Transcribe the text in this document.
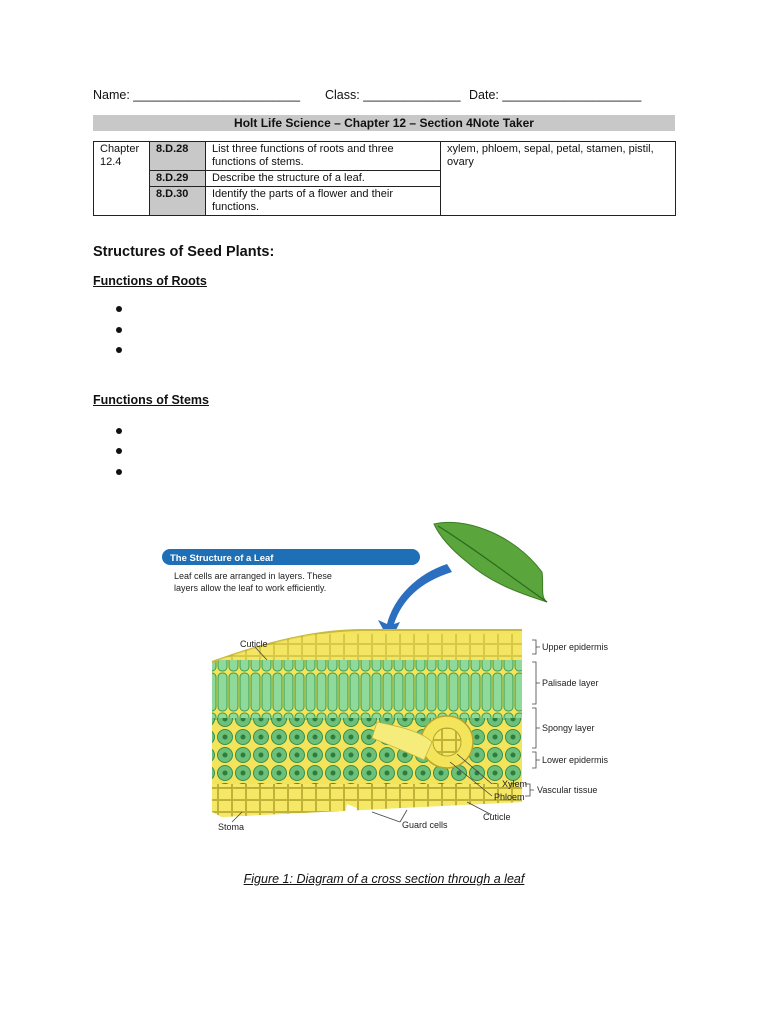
Name: ________________________ Class: ______________ Date: ____________________
Holt Life Science – Chapter 12 – Section 4Note Taker
Chapter 12.4	8.D.28	List three functions of roots and three functions of stems.	xylem, phloem, sepal, petal, stamen, pistil, ovary
	8.D.29	Describe the structure of a leaf.	
	8.D.30	Identify the parts of a flower and their functions.	
Structures of Seed Plants:
Functions of Roots
Functions of Stems
The Structure of a Leaf
Leaf cells are arranged in layers. These
layers allow the leaf to work efficiently.
Upper epidermis
Palisade layer
Spongy layer
Lower epidermis
Cuticle
Xylem
Phloem
Vascular tissue
Cuticle
Guard cells
Stoma
Figure 1: Diagram of a cross section through a leaf
